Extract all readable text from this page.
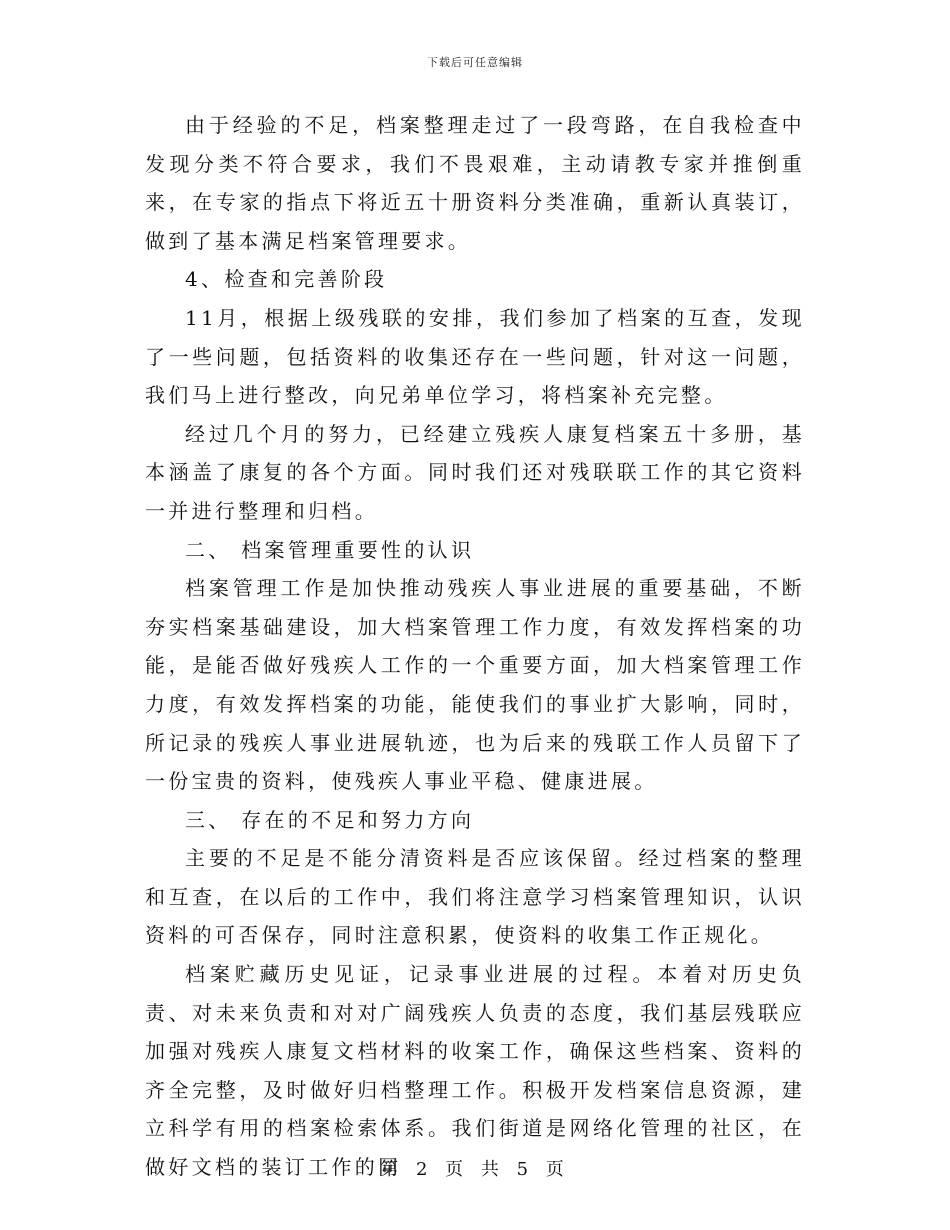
下载后可任意编辑

由于经验的不足，档案整理走过了一段弯路，在自我检查中发现分类不符合要求，我们不畏艰难，主动请教专家并推倒重来，在专家的指点下将近五十册资料分类准确，重新认真装订，做到了基本满足档案管理要求。

4、检查和完善阶段

11月，根据上级残联的安排，我们参加了档案的互查，发现了一些问题，包括资料的收集还存在一些问题，针对这一问题，我们马上进行整改，向兄弟单位学习，将档案补充完整。

经过几个月的努力，已经建立残疾人康复档案五十多册，基本涵盖了康复的各个方面。同时我们还对残联联工作的其它资料一并进行整理和归档。

二、 档案管理重要性的认识

档案管理工作是加快推动残疾人事业进展的重要基础，不断夯实档案基础建设，加大档案管理工作力度，有效发挥档案的功能，是能否做好残疾人工作的一个重要方面，加大档案管理工作力度，有效发挥档案的功能，能使我们的事业扩大影响，同时，所记录的残疾人事业进展轨迹，也为后来的残联工作人员留下了一份宝贵的资料，使残疾人事业平稳、健康进展。

三、 存在的不足和努力方向

主要的不足是不能分清资料是否应该保留。经过档案的整理和互查，在以后的工作中，我们将注意学习档案管理知识，认识资料的可否保存，同时注意积累，使资料的收集工作正规化。

档案贮藏历史见证，记录事业进展的过程。本着对历史负责、对未来负责和对对广阔残疾人负责的态度，我们基层残联应加强对残疾人康复文档材料的收案工作，确保这些档案、资料的齐全完整，及时做好归档整理工作。积极开发档案信息资源，建立科学有用的档案检索体系。我们街道是网络化管理的社区，在做好文档的装订工作的同

第 2 页 共 5 页
